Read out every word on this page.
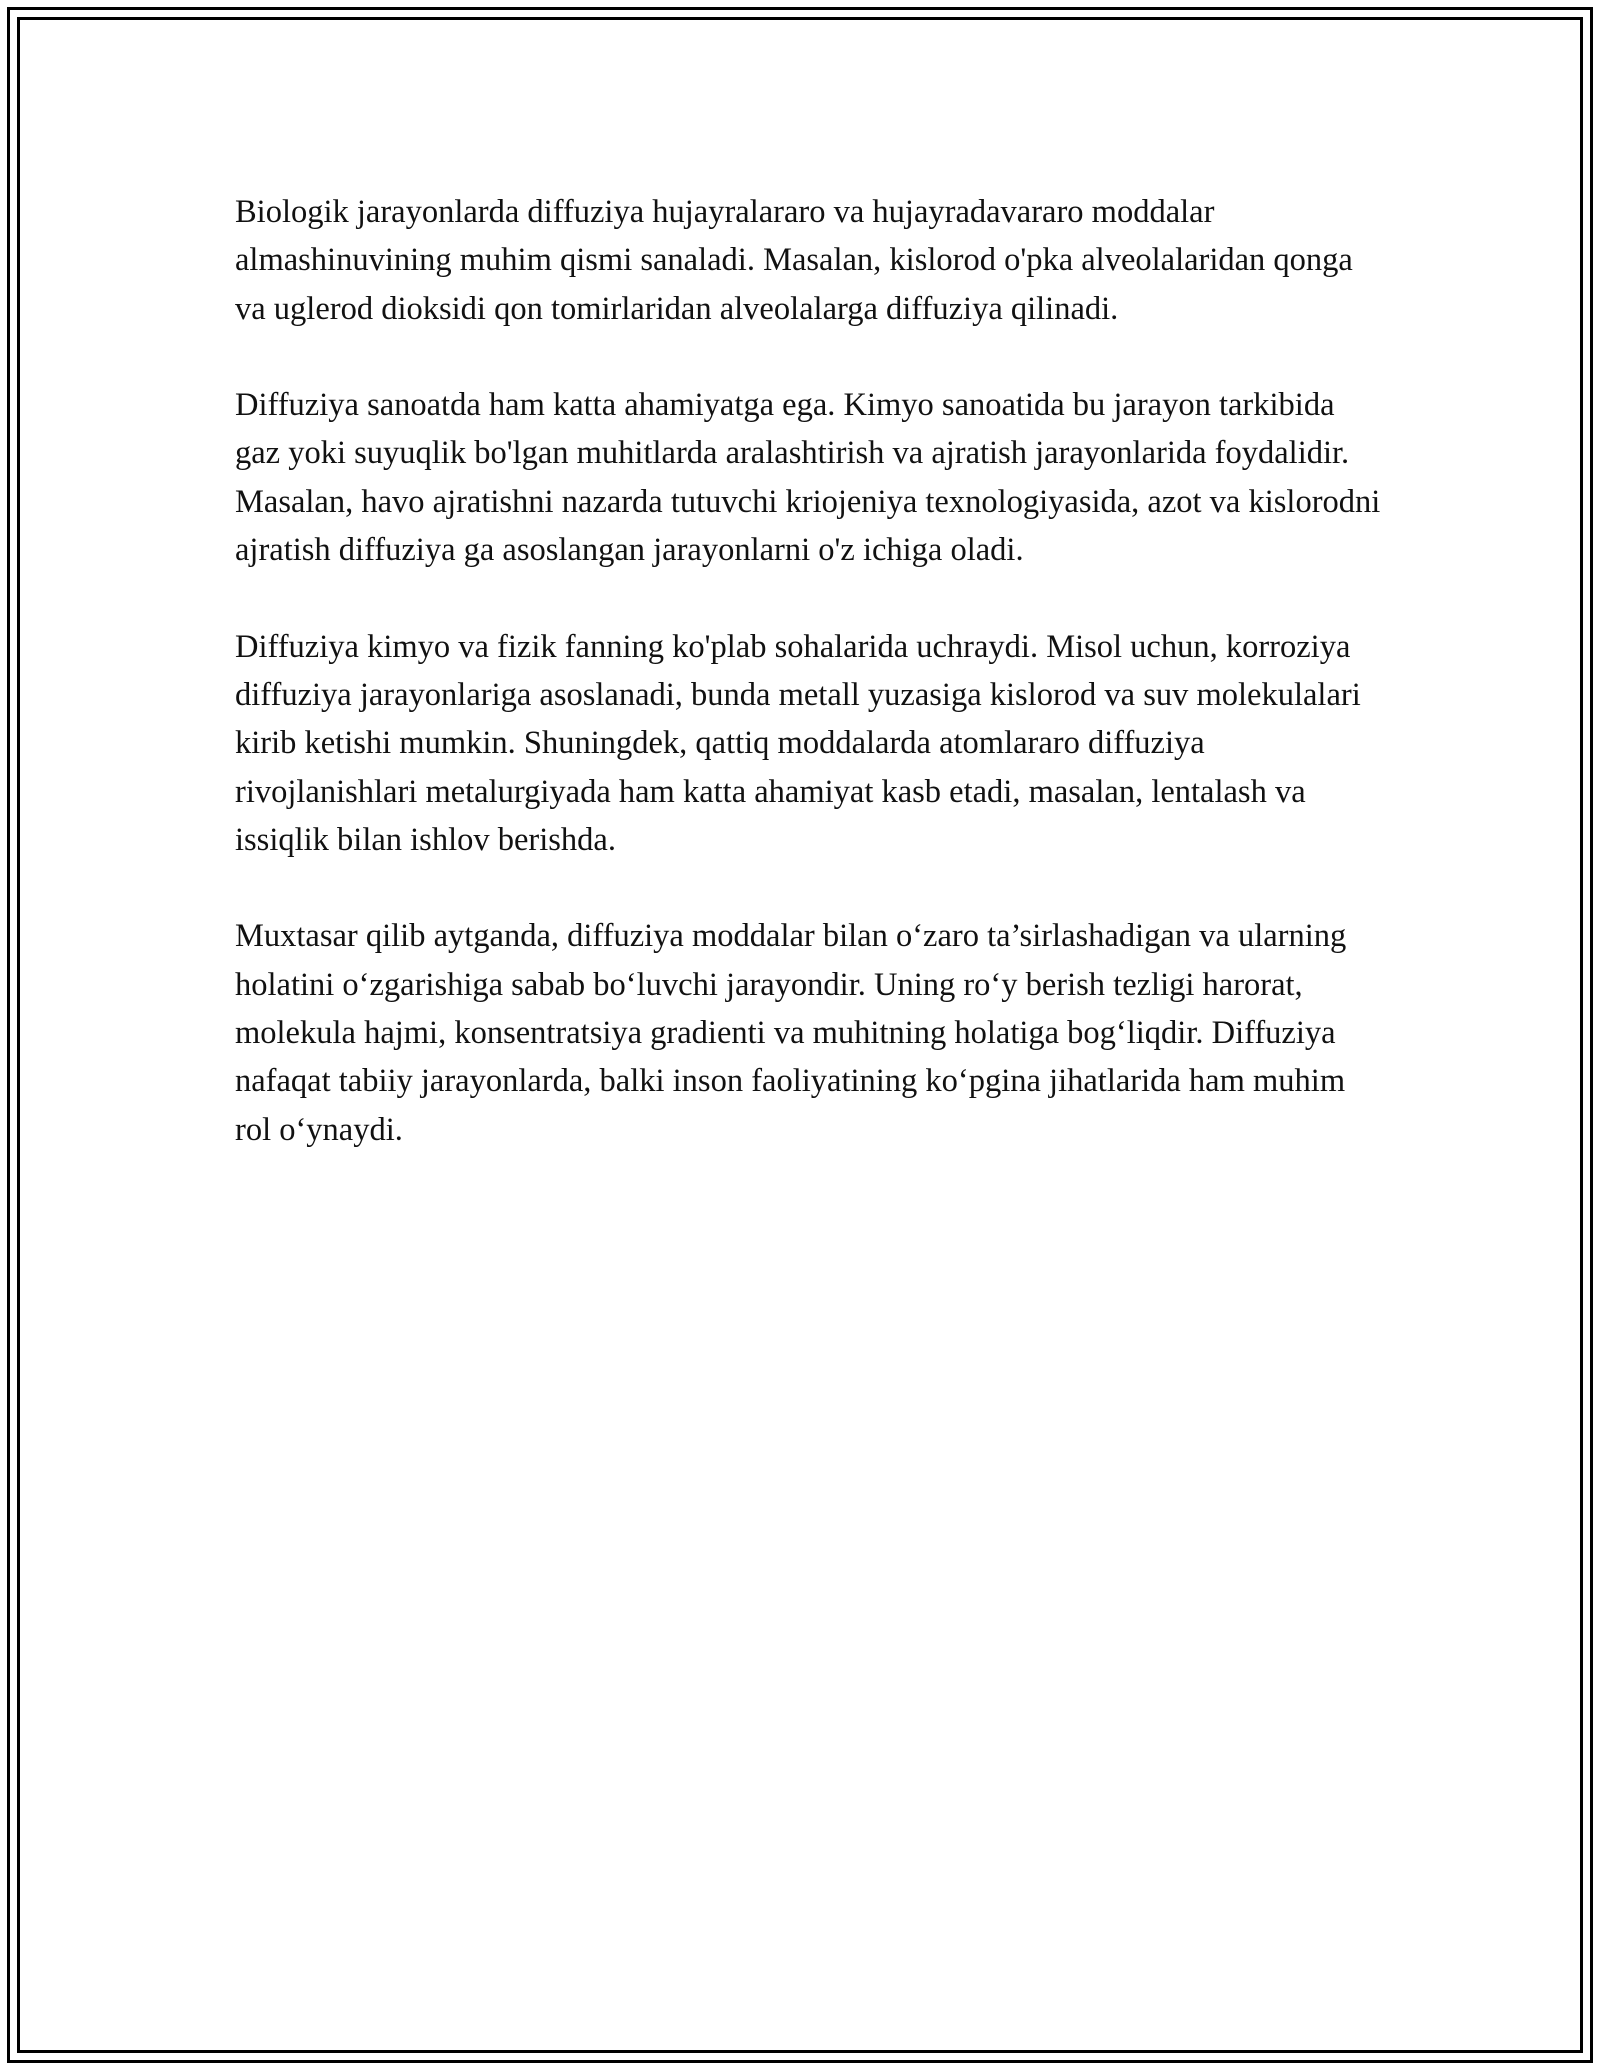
Biologik jarayonlarda diffuziya hujayralararo va hujayradavararo moddalar almashinuvining muhim qismi sanaladi. Masalan, kislorod o'pka alveolalaridan qonga va uglerod dioksidi qon tomirlaridan alveolalarga diffuziya qilinadi.

Diffuziya sanoatda ham katta ahamiyatga ega. Kimyo sanoatida bu jarayon tarkibida gaz yoki suyuqlik bo'lgan muhitlarda aralashtirish va ajratish jarayonlarida foydalidir. Masalan, havo ajratishni nazarda tutuvchi kriojeniya texnologiyasida, azot va kislorodni ajratish diffuziya ga asoslangan jarayonlarni o'z ichiga oladi.

Diffuziya kimyo va fizik fanning ko'plab sohalarida uchraydi. Misol uchun, korroziya diffuziya jarayonlariga asoslanadi, bunda metall yuzasiga kislorod va suv molekulalari kirib ketishi mumkin. Shuningdek, qattiq moddalarda atomlararo diffuziya rivojlanishlari metalurgiyada ham katta ahamiyat kasb etadi, masalan, lentalash va issiqlik bilan ishlov berishda.

Muxtasar qilib aytganda, diffuziya moddalar bilan o‘zaro ta’sirlashadigan va ularning holatini o‘zgarishiga sabab bo‘luvchi jarayondir. Uning ro‘y berish tezligi harorat, molekula hajmi, konsentratsiya gradienti va muhitning holatiga bog‘liqdir. Diffuziya nafaqat tabiiy jarayonlarda, balki inson faoliyatining ko‘pgina jihatlarida ham muhim rol o‘ynaydi.
